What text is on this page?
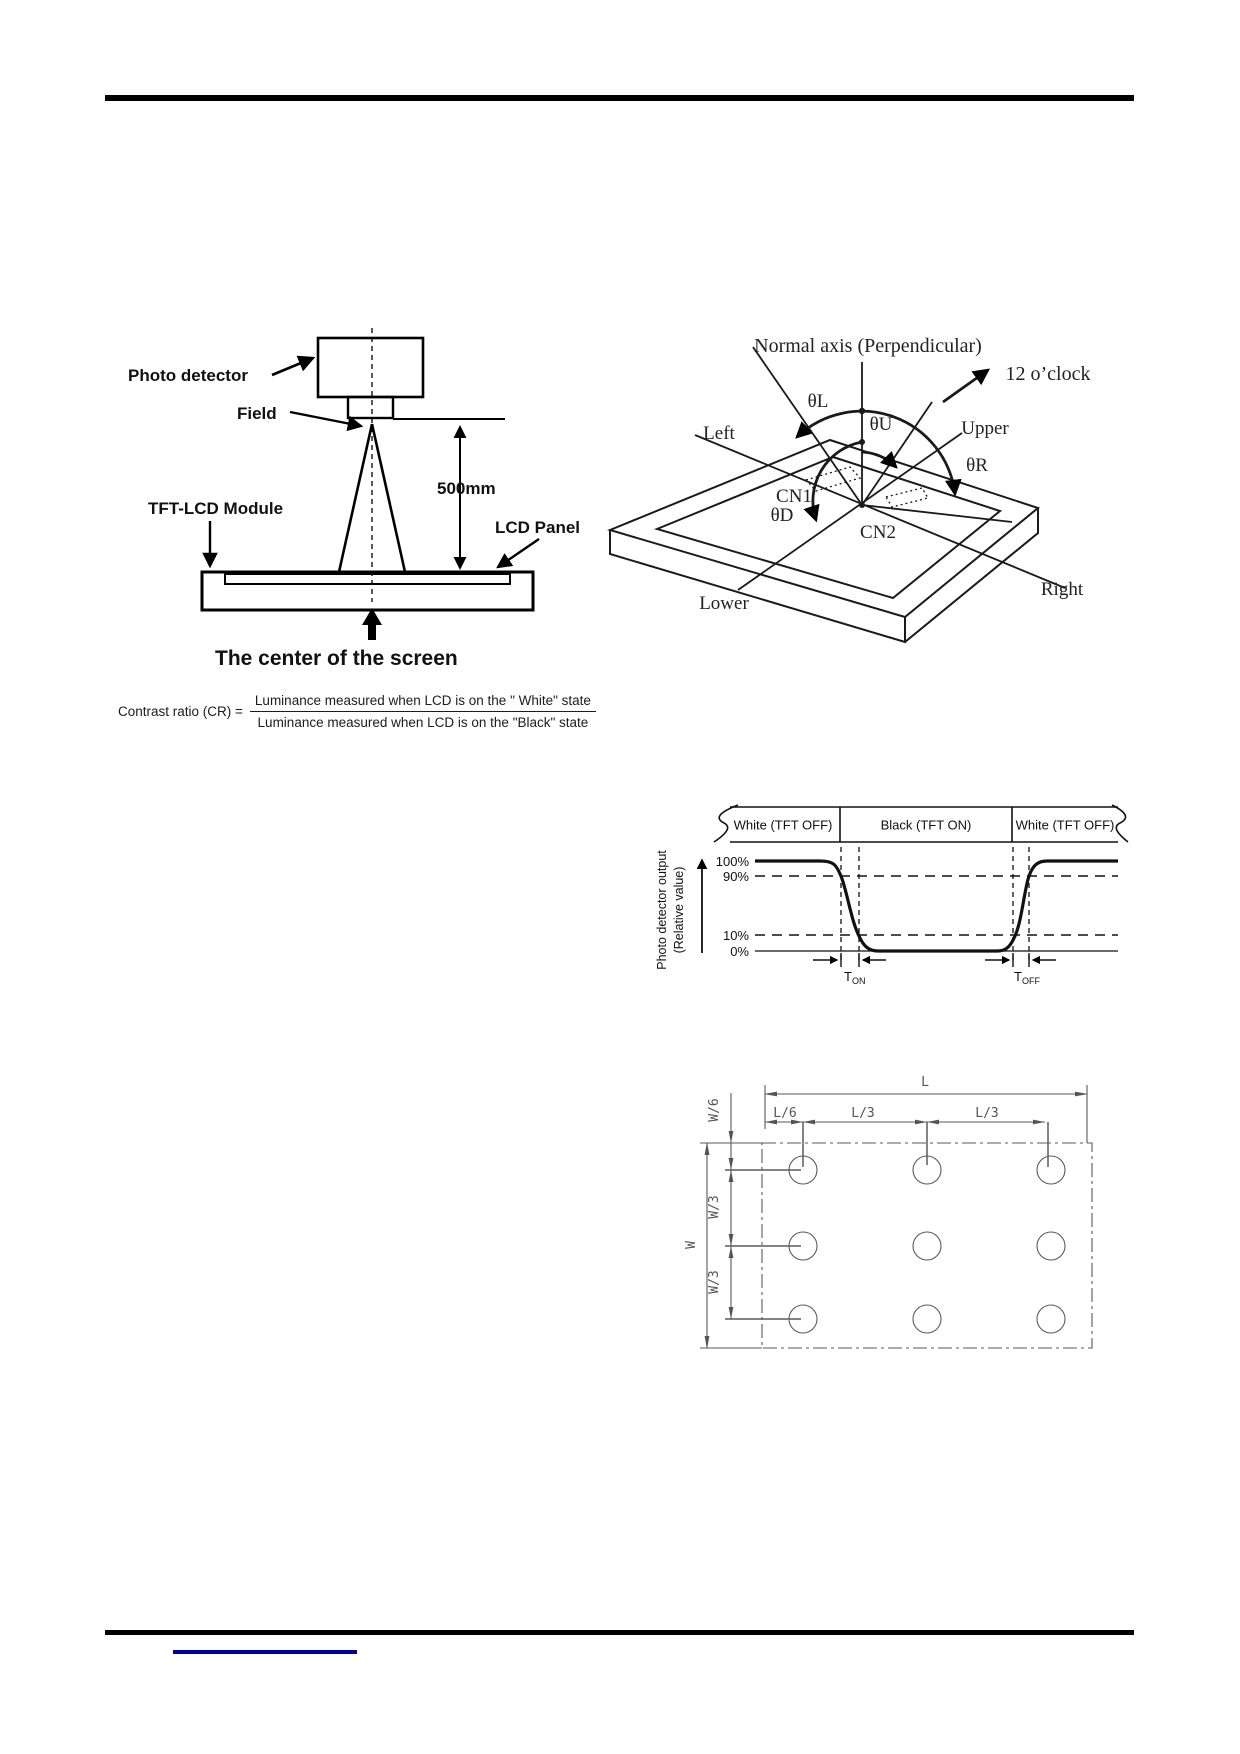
Photo detector
Field
TFT-LCD Module
LCD Panel
500mm
The center of the screen
Normal axis (Perpendicular)
12 o’clock
θL
Left	θU	Upper
θR
CN1
θD
CN2
Lower
Right
Contrast ratio $(CR) = \frac{\text{Luminance measured when LCD is on the " White" state}}{\text{Luminance measured when LCD is on the "Black" state}}$
White (TFT OFF)	Black (TFT ON)	White (TFT OFF)
Photo detector output (Relative value)
100%
90%
10%
0%
$T_{ON}$	$T_{OFF}$
L
L/6	L/3	L/3
W
W/6
W/3
W/3
